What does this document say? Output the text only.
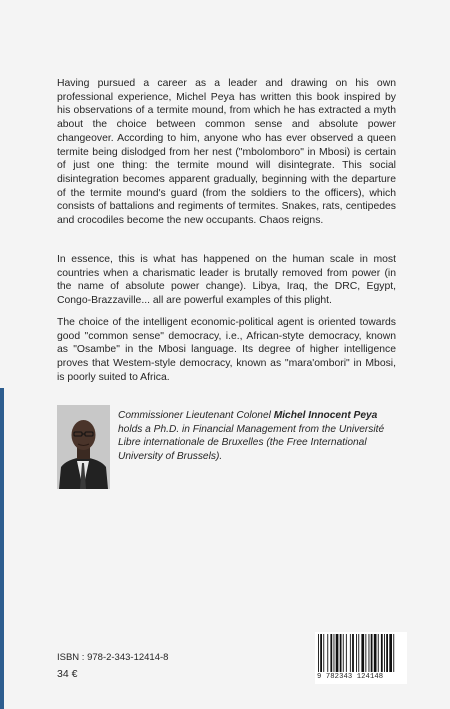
Having pursued a career as a leader and drawing on his own professional experience, Michel Peya has written this book inspired by his observations of a termite mound, from which he has extracted a myth about the choice between common sense and absolute power changeover. According to him, anyone who has ever observed a queen termite being dislodged from her nest ("mbolomboro" in Mbosi) is certain of just one thing: the termite mound will disintegrate. This social disintegration becomes apparent gradually, beginning with the departure of the termite mound's guard (from the soldiers to the officers), which consists of battalions and regiments of termites. Snakes, rats, centipedes and crocodiles become the new occupants. Chaos reigns.

In essence, this is what has happened on the human scale in most countries when a charismatic leader is brutally removed from power (in the name of absolute power change). Libya, Iraq, the DRC, Egypt, Congo-Brazzaville... all are powerful examples of this plight.

The choice of the intelligent economic-political agent is oriented towards good "common sense" democracy, i.e., African-styte democracy, known as "Osambe" in the Mbosi language. Its degree of higher intelligence proves that Westem-style democracy, known as "mara'ombori" in Mbosi, is poorly suited to Africa.

Commissioner Lieutenant Colonel Michel Innocent Peya holds a Ph.D. in Financial Management from the Université Libre internationale de Bruxelles (the Free International University of Brussels).

ISBN : 978-2-343-12414-8
34 €	9 782343 124148
